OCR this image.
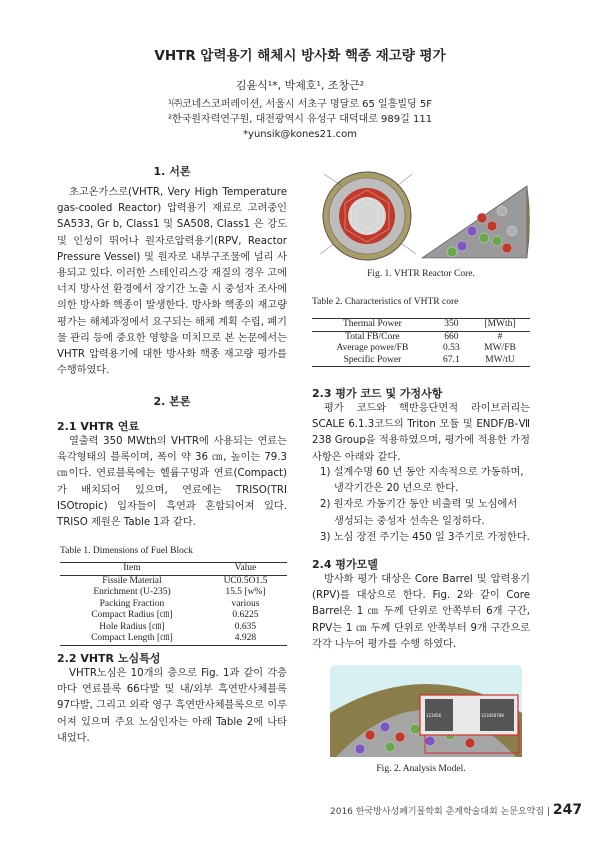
VHTR 압력용기 해체시 방사화 핵종 재고량 평가
김윤식¹*, 박제호¹, 조창근²
¹㈜코네스코퍼레이션, 서울시 서초구 명달로 65 일흥빌딩 5F
²한국원자력연구원, 대전광역시 유성구 대덕대로 989길 111
*yunsik@kones21.com
1. 서론

초고온가스로(VHTR, Very High Temperature gas-cooled Reactor) 압력용기 재료로 고려중인 SA533, Gr b, Class1 및 SA508, Class1 은 강도 및 인성이 뛰어나 원자로압력용기(RPV, Reactor Pressure Vessel) 및 원자로 내부구조물에 널리 사용되고 있다. 이러한 스테인리스강 재질의 경우 고에너지 방사선 환경에서 장기간 노출 시 중성자 조사에 의한 방사화 핵종이 발생한다. 방사화 핵종의 재고량 평가는 해체과정에서 요구되는 해체 계획 수립, 폐기물 관리 등에 중요한 영향을 미치므로 본 논문에서는 VHTR 압력용기에 대한 방사화 핵종 재고량 평가를 수행하였다.

2. 본론
2.1 VHTR 연료

열출력 350 MWth의 VHTR에 사용되는 연료는 육각형태의 블록이며, 폭이 약 36 ㎝, 높이는 79.3 ㎝이다. 연료블록에는 헬륨구멍과 연료(Compact)가 배치되어 있으며, 연료에는 TRISO(TRI ISOtropic) 입자들이 흑연과 혼합되어져 있다. TRISO 제원은 Table 1과 같다.

Table 1. Dimensions of Fuel Block
Item	Value
Fissile Material	UC0.5O1.5
Enrichment (U-235)	15.5 [w%]
Packing Fraction	various
Compact Radius [㎝]	0.6225
Hole Radius [㎝]	0.635
Compact Length [㎝]	4.928
2.2 VHTR 노심특성

VHTR노심은 10개의 층으로 Fig. 1과 같이 각층마다 연료블록 66다발 및 내/외부 흑연반사체블록 97다발, 그리고 외곽 영구 흑연반사체블록으로 이루어져 있으며 주요 노심인자는 아래 Table 2에 나타내었다.

Fig. 1. VHTR Reactor Core.
Table 2. Characteristics of VHTR core
Thermal Power	350	[MWth]
Total FB/Core	660	#
Average power/FB	0.53	MW/FB
Specific Power	67.1	MW/tU
2.3 평가 코드 및 가정사항

평가 코드와 핵반응단면적 라이브러리는 SCALE 6.1.3코드의 Triton 모듈 및 ENDF/B-Ⅶ 238 Group을 적용하였으며, 평가에 적용한 가정사항은 아래와 같다.

1) 설계수명 60 년 동안 지속적으로 가동하며, 냉각기간은 20 년으로 한다.
2) 원자로 가동기간 동안 비출력 및 노심에서 생성되는 중성자 선속은 일정하다.
3) 노심 장전 주기는 450 일 3주기로 가정한다.
2.4 평가모델

방사화 평가 대상은 Core Barrel 및 압력용기(RPV)를 대상으로 한다. Fig. 2와 같이 Core Barrel은 1 ㎝ 두께 단위로 안쪽부터 6개 구간, RPV는 1 ㎝ 두께 단위로 안쪽부터 9개 구간으로 각각 나누어 평가를 수행 하였다.

123456	123456789
Fig. 2. Analysis Model.
2016 한국방사성폐기물학회 춘계학술대회 논문요약집 | 247
